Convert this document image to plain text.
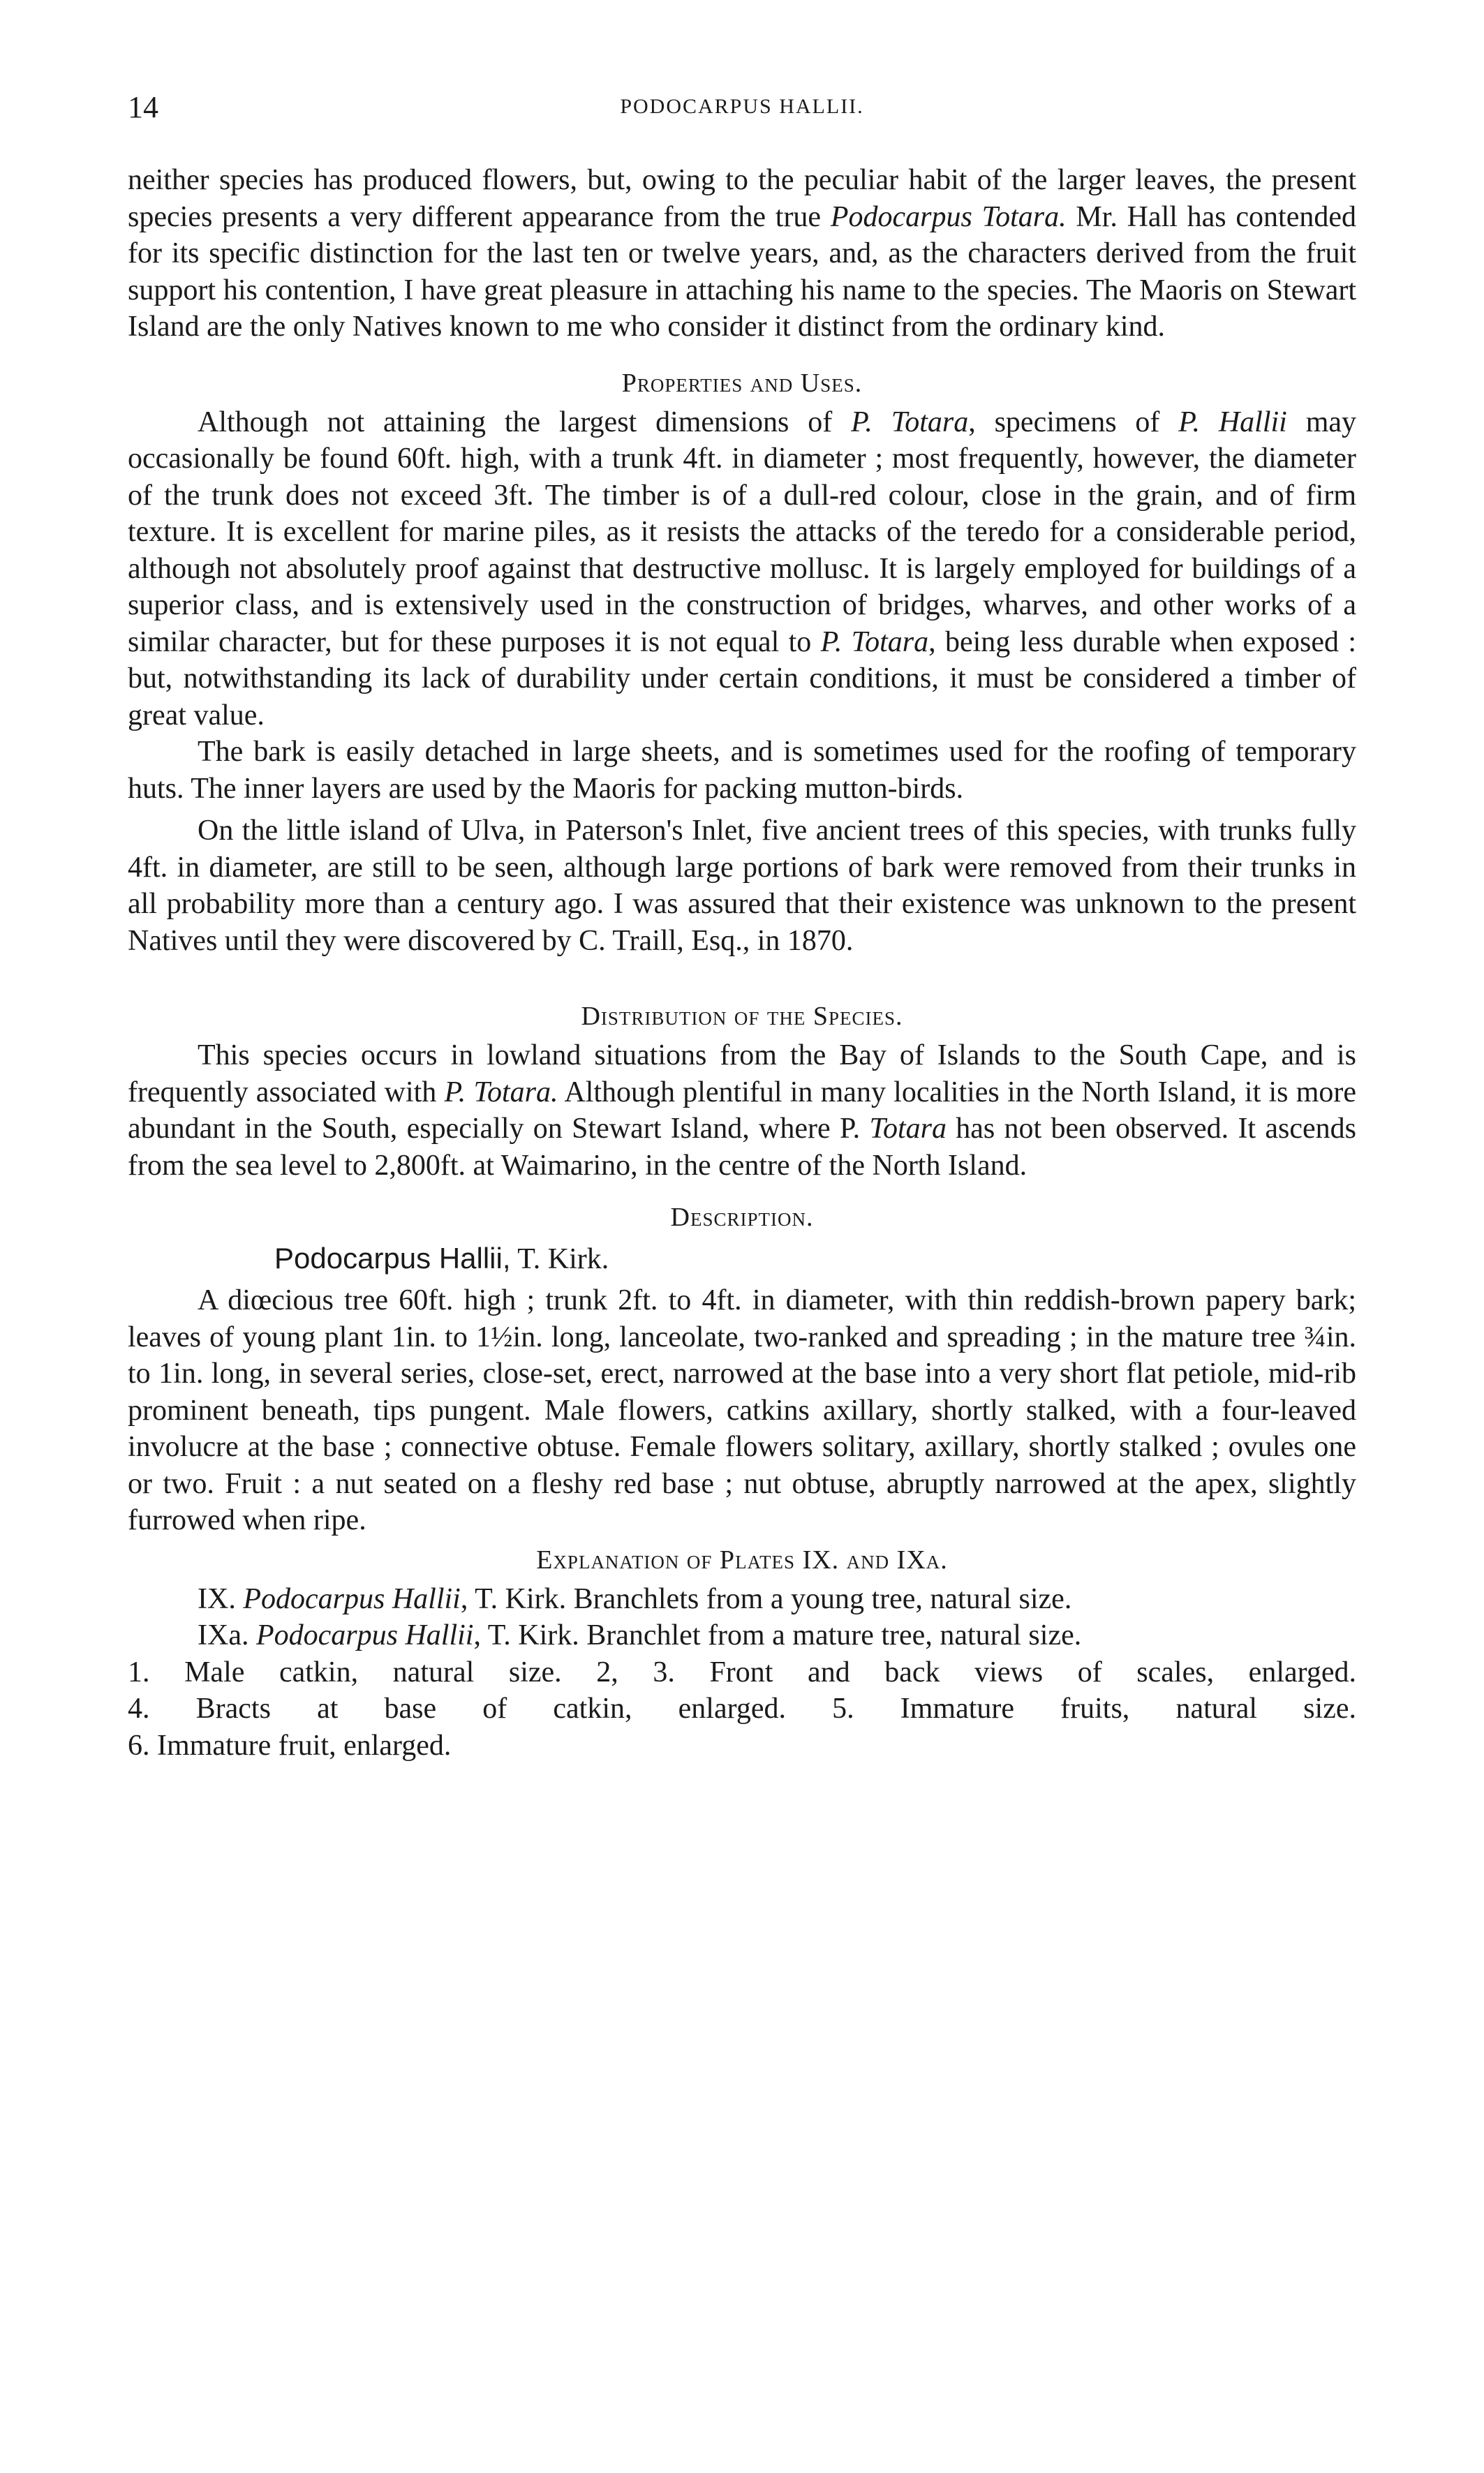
14	PODOCARPUS HALLII.

neither species has produced flowers, but, owing to the peculiar habit of the larger leaves, the present species presents a very different appearance from the true Podocarpus Totara. Mr. Hall has contended for its specific distinction for the last ten or twelve years, and, as the characters derived from the fruit support his contention, I have great pleasure in attaching his name to the species. The Maoris on Stewart Island are the only Natives known to me who consider it distinct from the ordinary kind.

Properties and Uses.

Although not attaining the largest dimensions of P. Totara, specimens of P. Hallii may occasionally be found 60ft. high, with a trunk 4ft. in diameter ; most frequently, however, the diameter of the trunk does not exceed 3ft. The timber is of a dull-red colour, close in the grain, and of firm texture. It is excellent for marine piles, as it resists the attacks of the teredo for a considerable period, although not absolutely proof against that destructive mollusc. It is largely employed for buildings of a superior class, and is extensively used in the construction of bridges, wharves, and other works of a similar character, but for these purposes it is not equal to P. Totara, being less durable when exposed : but, notwithstanding its lack of durability under certain conditions, it must be considered a timber of great value.

The bark is easily detached in large sheets, and is sometimes used for the roofing of temporary huts. The inner layers are used by the Maoris for packing mutton-birds.

On the little island of Ulva, in Paterson's Inlet, five ancient trees of this species, with trunks fully 4ft. in diameter, are still to be seen, although large portions of bark were removed from their trunks in all probability more than a century ago. I was assured that their existence was unknown to the present Natives until they were discovered by C. Traill, Esq., in 1870.

Distribution of the Species.

This species occurs in lowland situations from the Bay of Islands to the South Cape, and is frequently associated with P. Totara. Although plentiful in many localities in the North Island, it is more abundant in the South, especially on Stewart Island, where P. Totara has not been observed. It ascends from the sea level to 2,800ft. at Waimarino, in the centre of the North Island.

Description.
Podocarpus Hallii, T. Kirk.

A diœcious tree 60ft. high ; trunk 2ft. to 4ft. in diameter, with thin reddish-brown papery bark; leaves of young plant 1in. to 1½in. long, lanceolate, two-ranked and spreading ; in the mature tree ¾in. to 1in. long, in several series, close-set, erect, narrowed at the base into a very short flat petiole, mid-rib prominent beneath, tips pungent. Male flowers, catkins axillary, shortly stalked, with a four-leaved involucre at the base ; connective obtuse. Female flowers solitary, axillary, shortly stalked ; ovules one or two. Fruit : a nut seated on a fleshy red base ; nut obtuse, abruptly narrowed at the apex, slightly furrowed when ripe.

Explanation of Plates IX. and IXa.

IX. Podocarpus Hallii, T. Kirk. Branchlets from a young tree, natural size.

IXa. Podocarpus Hallii, T. Kirk. Branchlet from a mature tree, natural size.

1. Male catkin, natural size. 2, 3. Front and back views of scales, enlarged.

4. Bracts at base of catkin, enlarged. 5. Immature fruits, natural size.

6. Immature fruit, enlarged.
